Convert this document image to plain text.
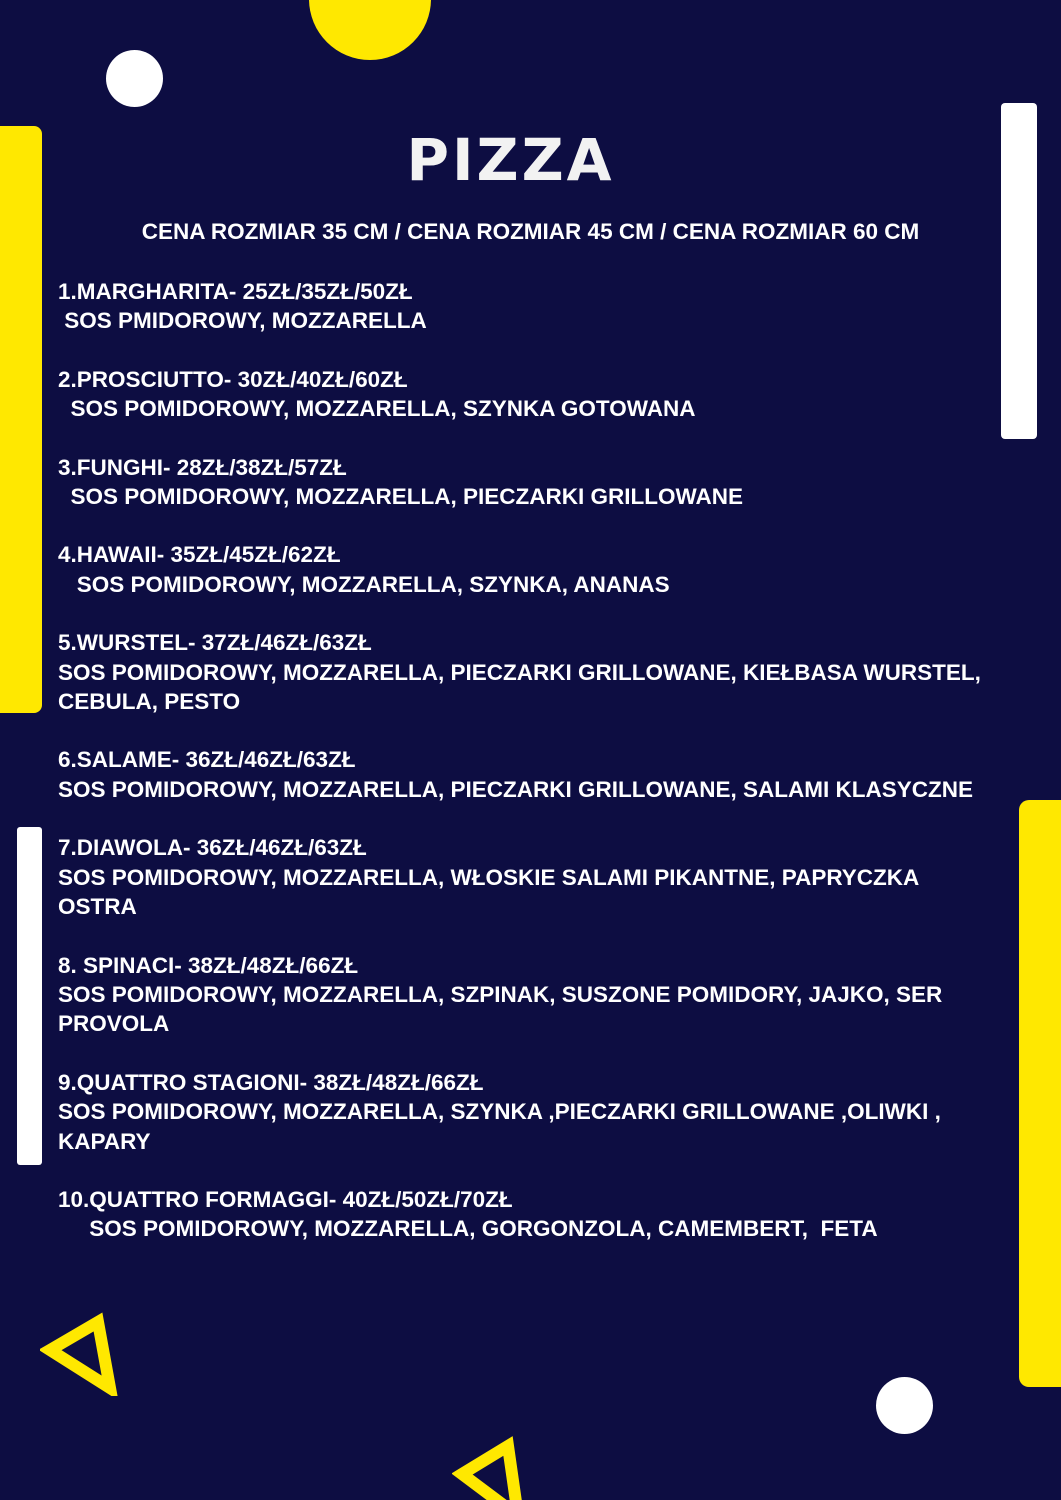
PIZZA
CENA ROZMIAR 35 CM / CENA ROZMIAR 45 CM / CENA ROZMIAR 60 CM
1.MARGHARITA- 25ZŁ/35ZŁ/50ZŁ
SOS PMIDOROWY, MOZZARELLA
2.PROSCIUTTO- 30ZŁ/40ZŁ/60ZŁ
SOS POMIDOROWY, MOZZARELLA, SZYNKA GOTOWANA
3.FUNGHI- 28ZŁ/38ZŁ/57ZŁ
SOS POMIDOROWY, MOZZARELLA, PIECZARKI GRILLOWANE
4.HAWAII- 35ZŁ/45ZŁ/62ZŁ
SOS POMIDOROWY, MOZZARELLA, SZYNKA, ANANAS
5.WURSTEL- 37ZŁ/46ZŁ/63ZŁ
SOS POMIDOROWY, MOZZARELLA, PIECZARKI GRILLOWANE, KIEŁBASA WURSTEL, CEBULA, PESTO
6.SALAME- 36ZŁ/46ZŁ/63ZŁ
SOS POMIDOROWY, MOZZARELLA, PIECZARKI GRILLOWANE, SALAMI KLASYCZNE
7.DIAWOLA- 36ZŁ/46ZŁ/63ZŁ
SOS POMIDOROWY, MOZZARELLA, WŁOSKIE SALAMI PIKANTNE, PAPRYCZKA OSTRA
8. SPINACI- 38ZŁ/48ZŁ/66ZŁ
SOS POMIDOROWY, MOZZARELLA, SZPINAK, SUSZONE POMIDORY, JAJKO, SER PROVOLA
9.QUATTRO STAGIONI- 38ZŁ/48ZŁ/66ZŁ
SOS POMIDOROWY, MOZZARELLA, SZYNKA ,PIECZARKI GRILLOWANE ,OLIWKI , KAPARY
10.QUATTRO FORMAGGI- 40ZŁ/50ZŁ/70ZŁ
SOS POMIDOROWY, MOZZARELLA, GORGONZOLA, CAMEMBERT,  FETA
